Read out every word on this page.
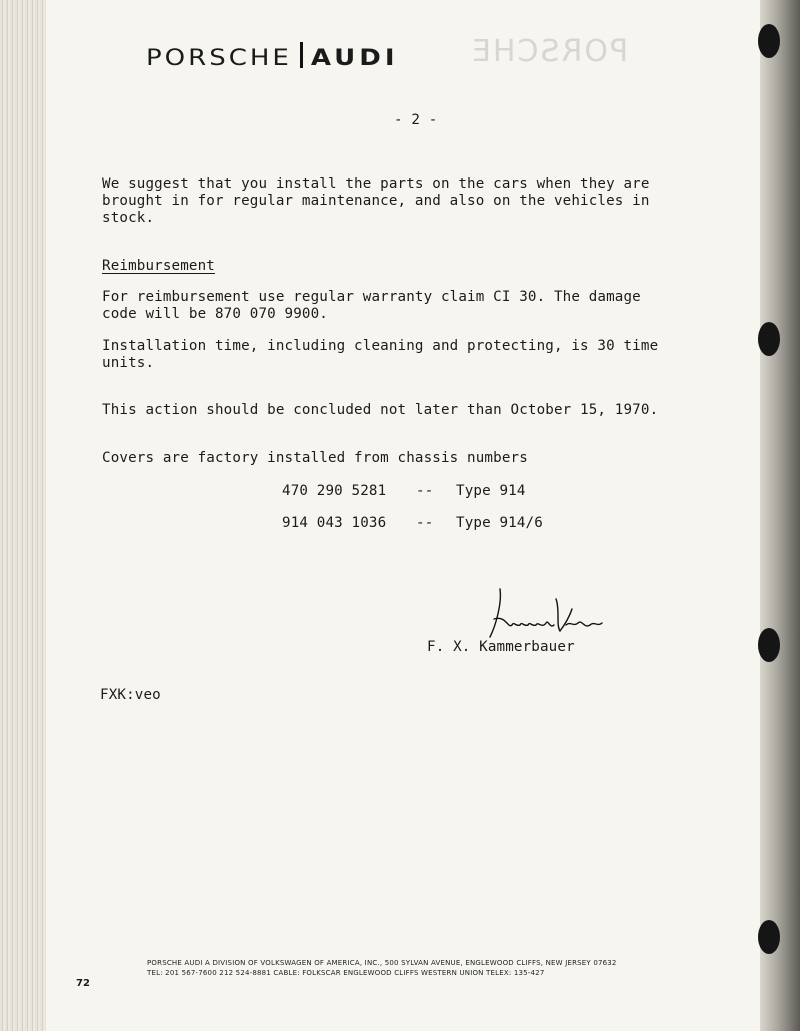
PORSCHE
PORSCHE AUDI
- 2 -
We suggest that you install the parts on the cars when they are
brought in for regular maintenance, and also on the vehicles in
stock.
Reimbursement
For reimbursement use regular warranty claim CI 30. The damage
code will be 870 070 9900.
Installation time, including cleaning and protecting, is 30 time
units.
This action should be concluded not later than October 15, 1970.
Covers are factory installed from chassis numbers
470 290 5281 -- Type 914
914 043 1036 -- Type 914/6
F. X. Kammerbauer
FXK:veo
PORSCHE AUDI A DIVISION OF VOLKSWAGEN OF AMERICA, INC., 500 SYLVAN AVENUE, ENGLEWOOD CLIFFS, NEW JERSEY 07632
TEL: 201 567-7600 212 524-8881 CABLE: FOLKSCAR ENGLEWOOD CLIFFS WESTERN UNION TELEX: 135-427
72
